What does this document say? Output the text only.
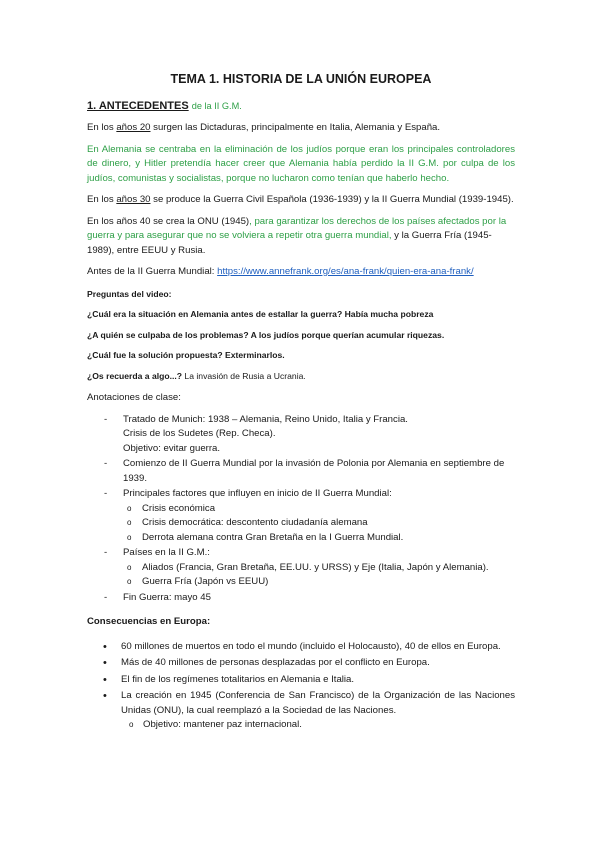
TEMA 1. HISTORIA DE LA UNIÓN EUROPEA
1. ANTECEDENTES de la II G.M.

En los años 20 surgen las Dictaduras, principalmente en Italia, Alemania y España.

En Alemania se centraba en la eliminación de los judíos porque eran los principales controladores de dinero, y Hitler pretendía hacer creer que Alemania había perdido la II G.M. por culpa de los judíos, comunistas y socialistas, porque no lucharon como tenían que haberlo hecho.

En los años 30 se produce la Guerra Civil Española (1936-1939) y la II Guerra Mundial (1939-1945).

En los años 40 se crea la ONU (1945), para garantizar los derechos de los países afectados por la guerra y para asegurar que no se volviera a repetir otra guerra mundial, y la Guerra Fría (1945-1989), entre EEUU y Rusia.

Antes de la II Guerra Mundial: https://www.annefrank.org/es/ana-frank/quien-era-ana-frank/

Preguntas del video:
¿Cuál era la situación en Alemania antes de estallar la guerra? Había mucha pobreza
¿A quién se culpaba de los problemas? A los judíos porque querían acumular riquezas.
¿Cuál fue la solución propuesta? Exterminarlos.
¿Os recuerda a algo...? La invasión de Rusia a Ucrania.

Anotaciones de clase:

- Tratado de Munich: 1938 – Alemania, Reino Unido, Italia y Francia.
Crisis de los Sudetes (Rep. Checa).
Objetivo: evitar guerra.
- Comienzo de II Guerra Mundial por la invasión de Polonia por Alemania en septiembre de 1939.
- Principales factores que influyen en inicio de II Guerra Mundial:
o Crisis económica
o Crisis democrática: descontento ciudadanía alemana
o Derrota alemana contra Gran Bretaña en la I Guerra Mundial.
- Países en la II G.M.:
o Aliados (Francia, Gran Bretaña, EE.UU. y URSS) y Eje (Italia, Japón y Alemania).
o Guerra Fría (Japón vs EEUU)
- Fin Guerra: mayo 45

Consecuencias en Europa:

• 60 millones de muertos en todo el mundo (incluido el Holocausto), 40 de ellos en Europa.
• Más de 40 millones de personas desplazadas por el conflicto en Europa.
• El fin de los regímenes totalitarios en Alemania e Italia.
• La creación en 1945 (Conferencia de San Francisco) de la Organización de las Naciones Unidas (ONU), la cual reemplazó a la Sociedad de las Naciones.
o Objetivo: mantener paz internacional.
